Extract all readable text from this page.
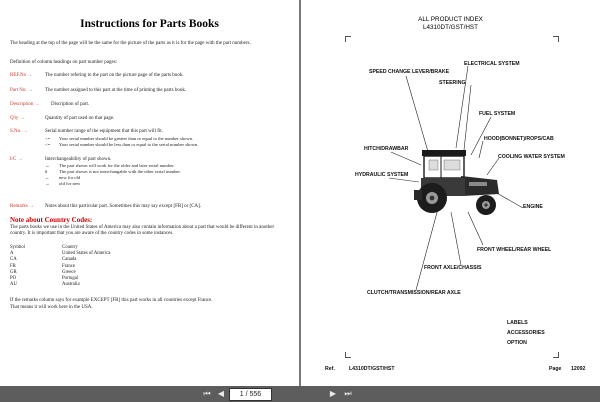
Instructions for Parts Books
The heading at the top of the page will be the same for the picture of the parts as it is for the page with the part numbers.
Definition of column headings on part number pages:
REF.No →	The number refering to the part on the picture page of the parts book.
Part No. → The number assigned to this part at the time of printing the parts book.
Description → Discription of part.
Q'ty →	Quantity of part used on that page.
S.No. →	Serial number range of the equipment that this part will fit.
>= Your serial number should be greater than or equal to the number shown.
<= Your serial number should be less than or equal to the serial number shown.
I/C →	Interchangeability of part shown.
↔ The part shown will work for the older and later serial number.
#	The part shown is not interchangable with the other serial number.
← new for old
→ old for new
Remarks → Notes about this particular part. Sometimes this may say except [FR] or [CA].
Note about Country Codes:
The parts books we use in the United States of America may also contain information about a part that would be different in another country. It is important that you are aware of the country codes in some instances.
Symbol	Country
A	United States of America
CA	Canada
FR	France
GR	Greece
PO	Portugal
AU	Australia
If the remarks column says for example EXCEPT [FR] this part works in all countries except France.
That means it will work here in the USA.
ALL PRODUCT INDEX
L4310DT/GST/HST
SPEED CHANGE LEVER/BRAKE
ELECTRICAL SYSTEM
STEERING
FUEL SYSTEM
HOOD(BONNET)/ROPS/CAB
HITCH/DRAWBAR
COOLING WATER SYSTEM
HYDRAULIC SYSTEM
ENGINE
FRONT WHEEL/REAR WHEEL
FRONT AXLE/CHASSIS
CLUTCH/TRANSMISSION/REAR AXLE
LABELS
ACCESSORIES
OPTION
Ref.	L4310DT/GST/HST	Page 12092
⏮ ◀	1 / 556	▶	⏭
